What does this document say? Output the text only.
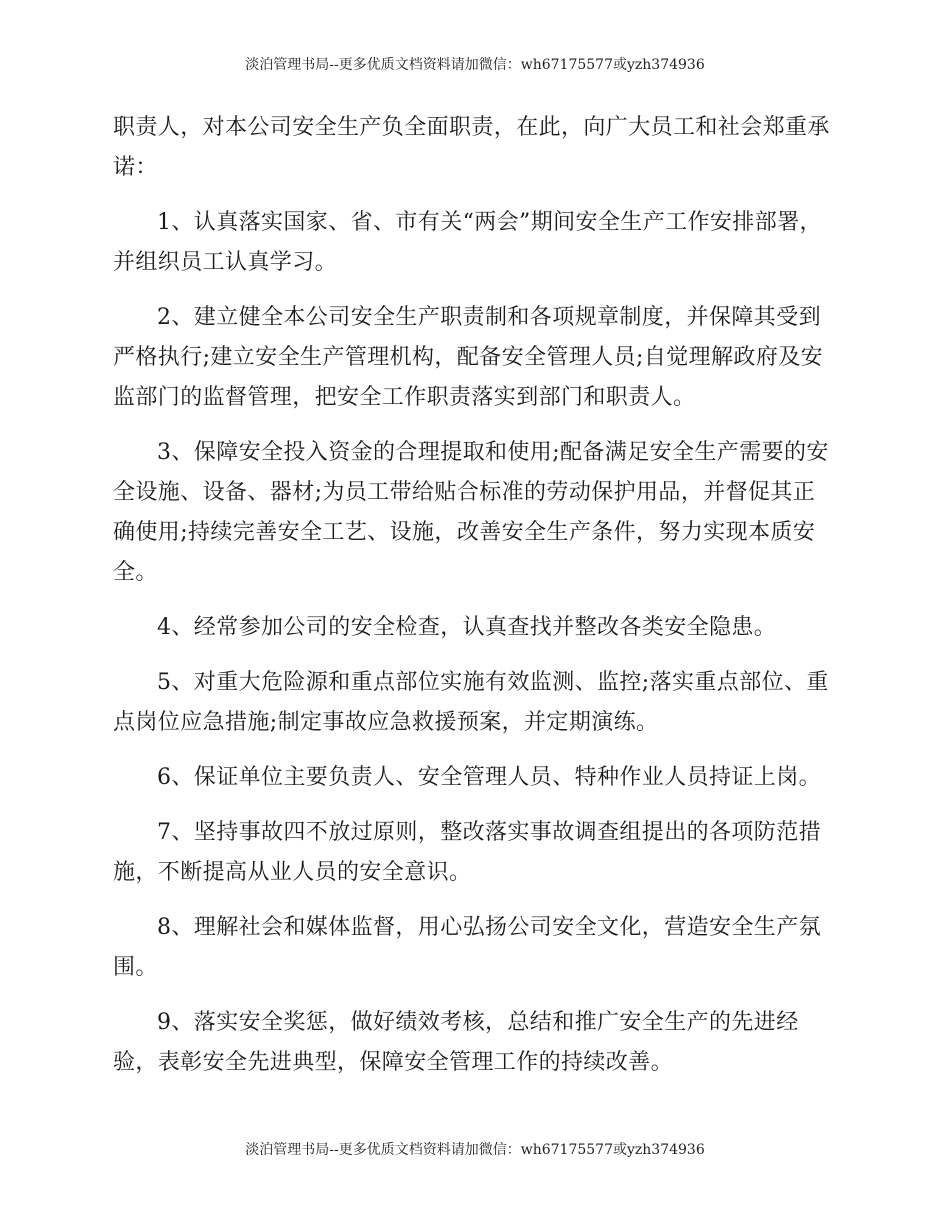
淡泊管理书局--更多优质文档资料请加微信：wh67175577或yzh374936

职责人，对本公司安全生产负全面职责，在此，向广大员工和社会郑重承诺：

1、认真落实国家、省、市有关“两会”期间安全生产工作安排部署，并组织员工认真学习。

2、建立健全本公司安全生产职责制和各项规章制度，并保障其受到严格执行;建立安全生产管理机构，配备安全管理人员;自觉理解政府及安监部门的监督管理，把安全工作职责落实到部门和职责人。

3、保障安全投入资金的合理提取和使用;配备满足安全生产需要的安全设施、设备、器材;为员工带给贴合标准的劳动保护用品，并督促其正确使用;持续完善安全工艺、设施，改善安全生产条件，努力实现本质安全。

4、经常参加公司的安全检查，认真查找并整改各类安全隐患。

5、对重大危险源和重点部位实施有效监测、监控;落实重点部位、重点岗位应急措施;制定事故应急救援预案，并定期演练。

6、保证单位主要负责人、安全管理人员、特种作业人员持证上岗。

7、坚持事故四不放过原则，整改落实事故调查组提出的各项防范措施，不断提高从业人员的安全意识。

8、理解社会和媒体监督，用心弘扬公司安全文化，营造安全生产氛围。

9、落实安全奖惩，做好绩效考核，总结和推广安全生产的先进经验，表彰安全先进典型，保障安全管理工作的持续改善。

淡泊管理书局--更多优质文档资料请加微信：wh67175577或yzh374936
